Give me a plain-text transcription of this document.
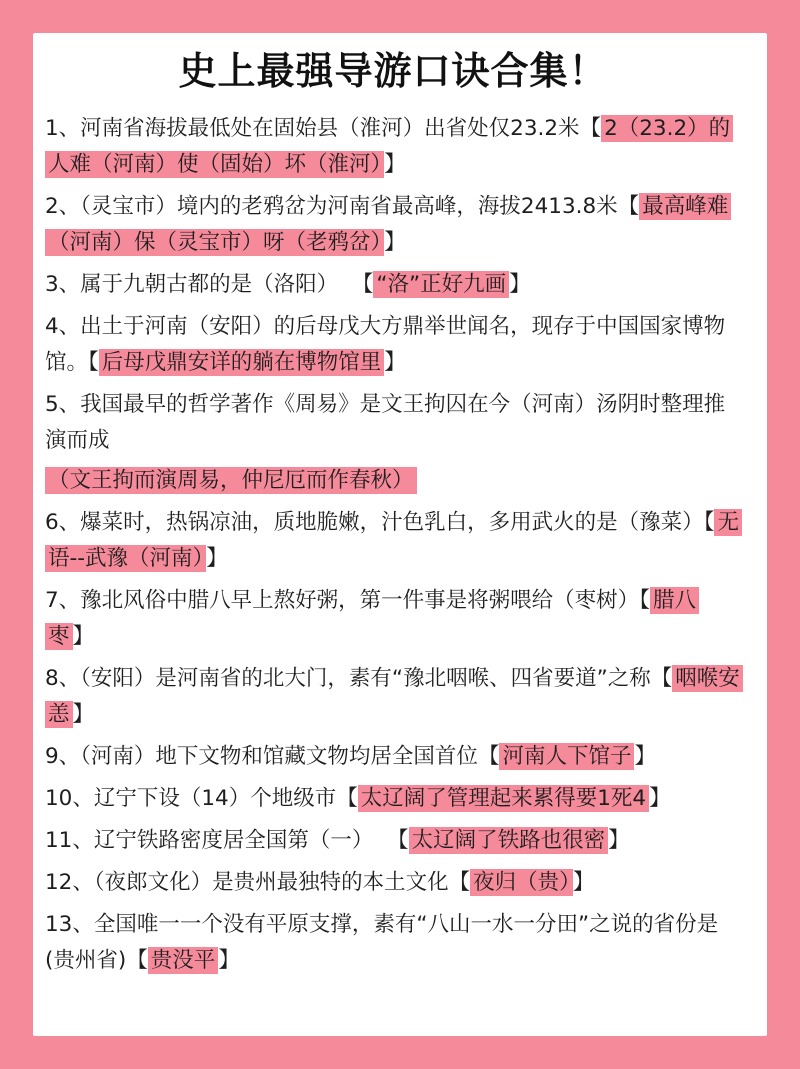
史上最强导游口诀合集！
1、河南省海拔最低处在固始县（淮河）出省处仅23.2米【 2（23.2）的人难（河南）使（固始）坏（淮河） 】
2、（灵宝市）境内的老鸦岔为河南省最高峰，海拔2413.8米【 最高峰难（河南）保（灵宝市）呀（老鸦岔） 】
3、属于九朝古都的是（洛阳） 【 “洛”正好九画 】
4、出土于河南（安阳）的后母戊大方鼎举世闻名，现存于中国国家博物馆。【 后母戊鼎安详的躺在博物馆里 】
5、我国最早的哲学著作《周易》是文王拘囚在今（河南）汤阴时整理推演而成
（文王拘而演周易，仲尼厄而作春秋）
6、爆菜时，热锅凉油，质地脆嫩，汁色乳白，多用武火的是（豫菜）【 无语--武豫（河南） 】
7、豫北风俗中腊八早上熬好粥，第一件事是将粥喂给（枣树）【 腊八枣 】
8、（安阳）是河南省的北大门，素有“豫北咽喉、四省要道”之称【 咽喉安恙 】
9、（河南）地下文物和馆藏文物均居全国首位【 河南人下馆子 】
10、辽宁下设（14）个地级市【 太辽阔了管理起来累得要1死4 】
11、辽宁铁路密度居全国第（一） 【 太辽阔了铁路也很密 】
12、（夜郎文化）是贵州最独特的本土文化【 夜归（贵） 】
13、全国唯一一个没有平原支撑，素有“八山一水一分田”之说的省份是(贵州省)【 贵没平 】
